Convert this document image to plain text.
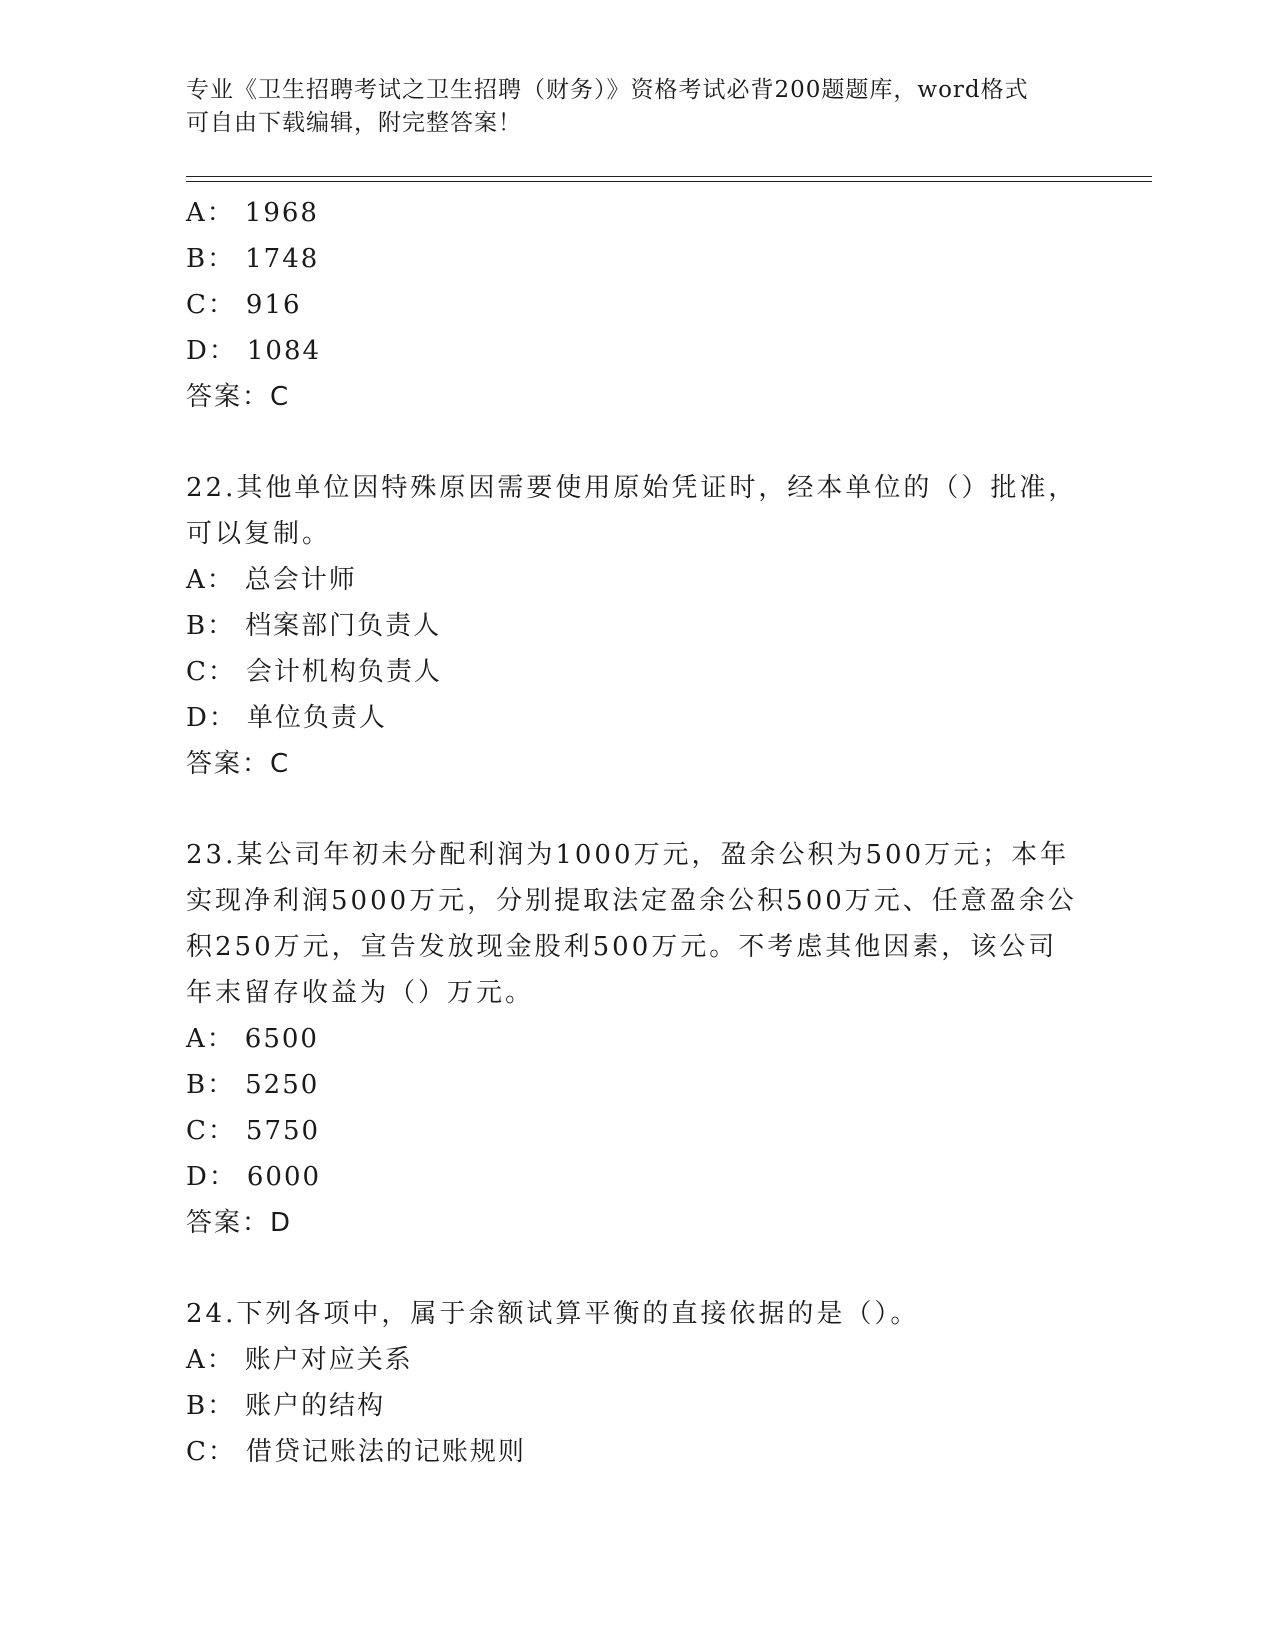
专业《卫生招聘考试之卫生招聘（财务）》资格考试必背200题题库，word格式
可自由下载编辑，附完整答案！
A： 1968
B： 1748
C： 916
D： 1084
答案：C
22.其他单位因特殊原因需要使用原始凭证时，经本单位的（）批准，
可以复制。
A： 总会计师
B： 档案部门负责人
C： 会计机构负责人
D： 单位负责人
答案：C
23.某公司年初未分配利润为1000万元，盈余公积为500万元；本年
实现净利润5000万元，分别提取法定盈余公积500万元、任意盈余公
积250万元，宣告发放现金股利500万元。不考虑其他因素，该公司
年末留存收益为（）万元。
A： 6500
B： 5250
C： 5750
D： 6000
答案：D
24.下列各项中，属于余额试算平衡的直接依据的是（）。
A： 账户对应关系
B： 账户的结构
C： 借贷记账法的记账规则
